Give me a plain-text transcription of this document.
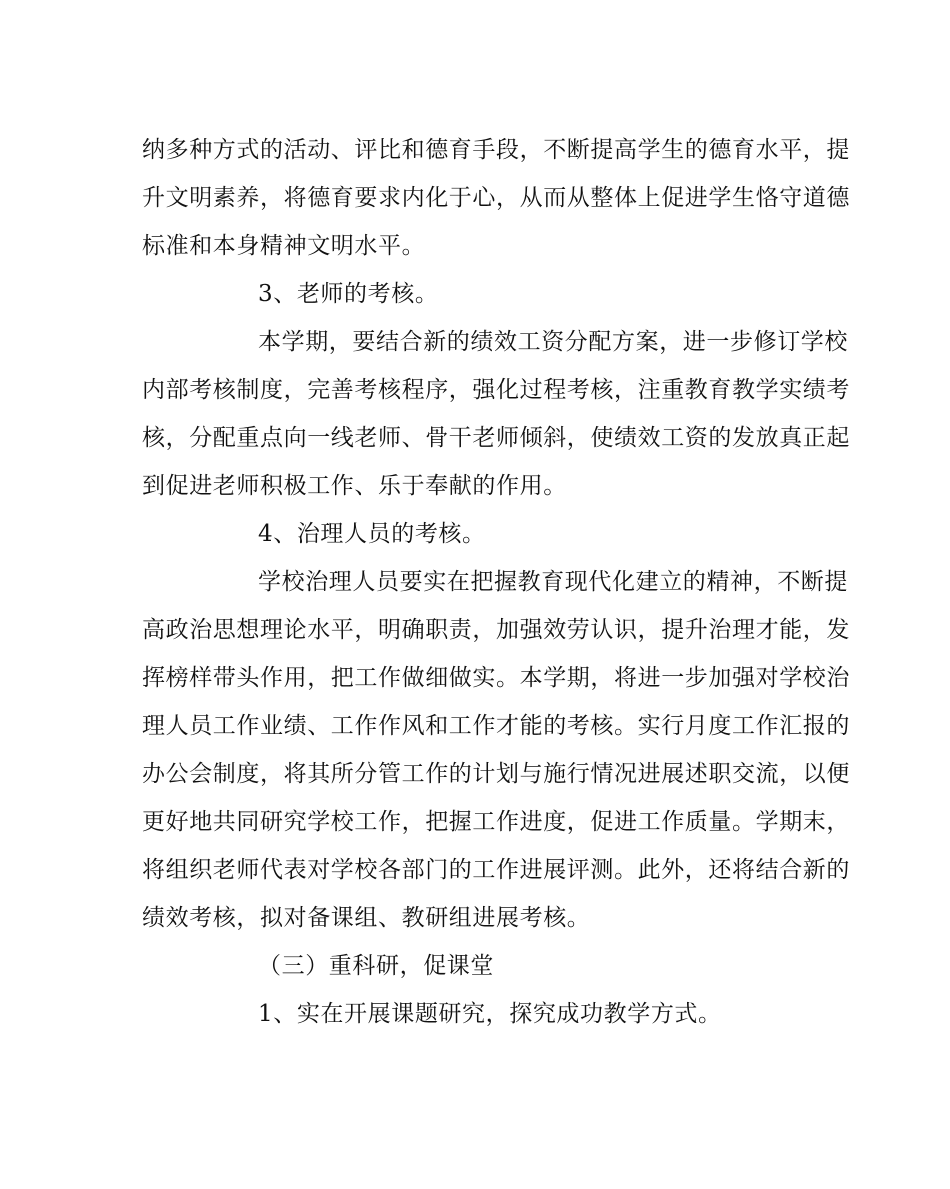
纳多种方式的活动、评比和德育手段，不断提高学生的德育水平，提
升文明素养，将德育要求内化于心，从而从整体上促进学生恪守道德
标准和本身精神文明水平。
3、老师的考核。
本学期，要结合新的绩效工资分配方案，进一步修订学校
内部考核制度，完善考核程序，强化过程考核，注重教育教学实绩考
核，分配重点向一线老师、骨干老师倾斜，使绩效工资的发放真正起
到促进老师积极工作、乐于奉献的作用。
4、治理人员的考核。
学校治理人员要实在把握教育现代化建立的精神，不断提
高政治思想理论水平，明确职责，加强效劳认识，提升治理才能，发
挥榜样带头作用，把工作做细做实。本学期，将进一步加强对学校治
理人员工作业绩、工作作风和工作才能的考核。实行月度工作汇报的
办公会制度，将其所分管工作的计划与施行情况进展述职交流，以便
更好地共同研究学校工作，把握工作进度，促进工作质量。学期末，
将组织老师代表对学校各部门的工作进展评测。此外，还将结合新的
绩效考核，拟对备课组、教研组进展考核。
（三）重科研，促课堂
1、实在开展课题研究，探究成功教学方式。
